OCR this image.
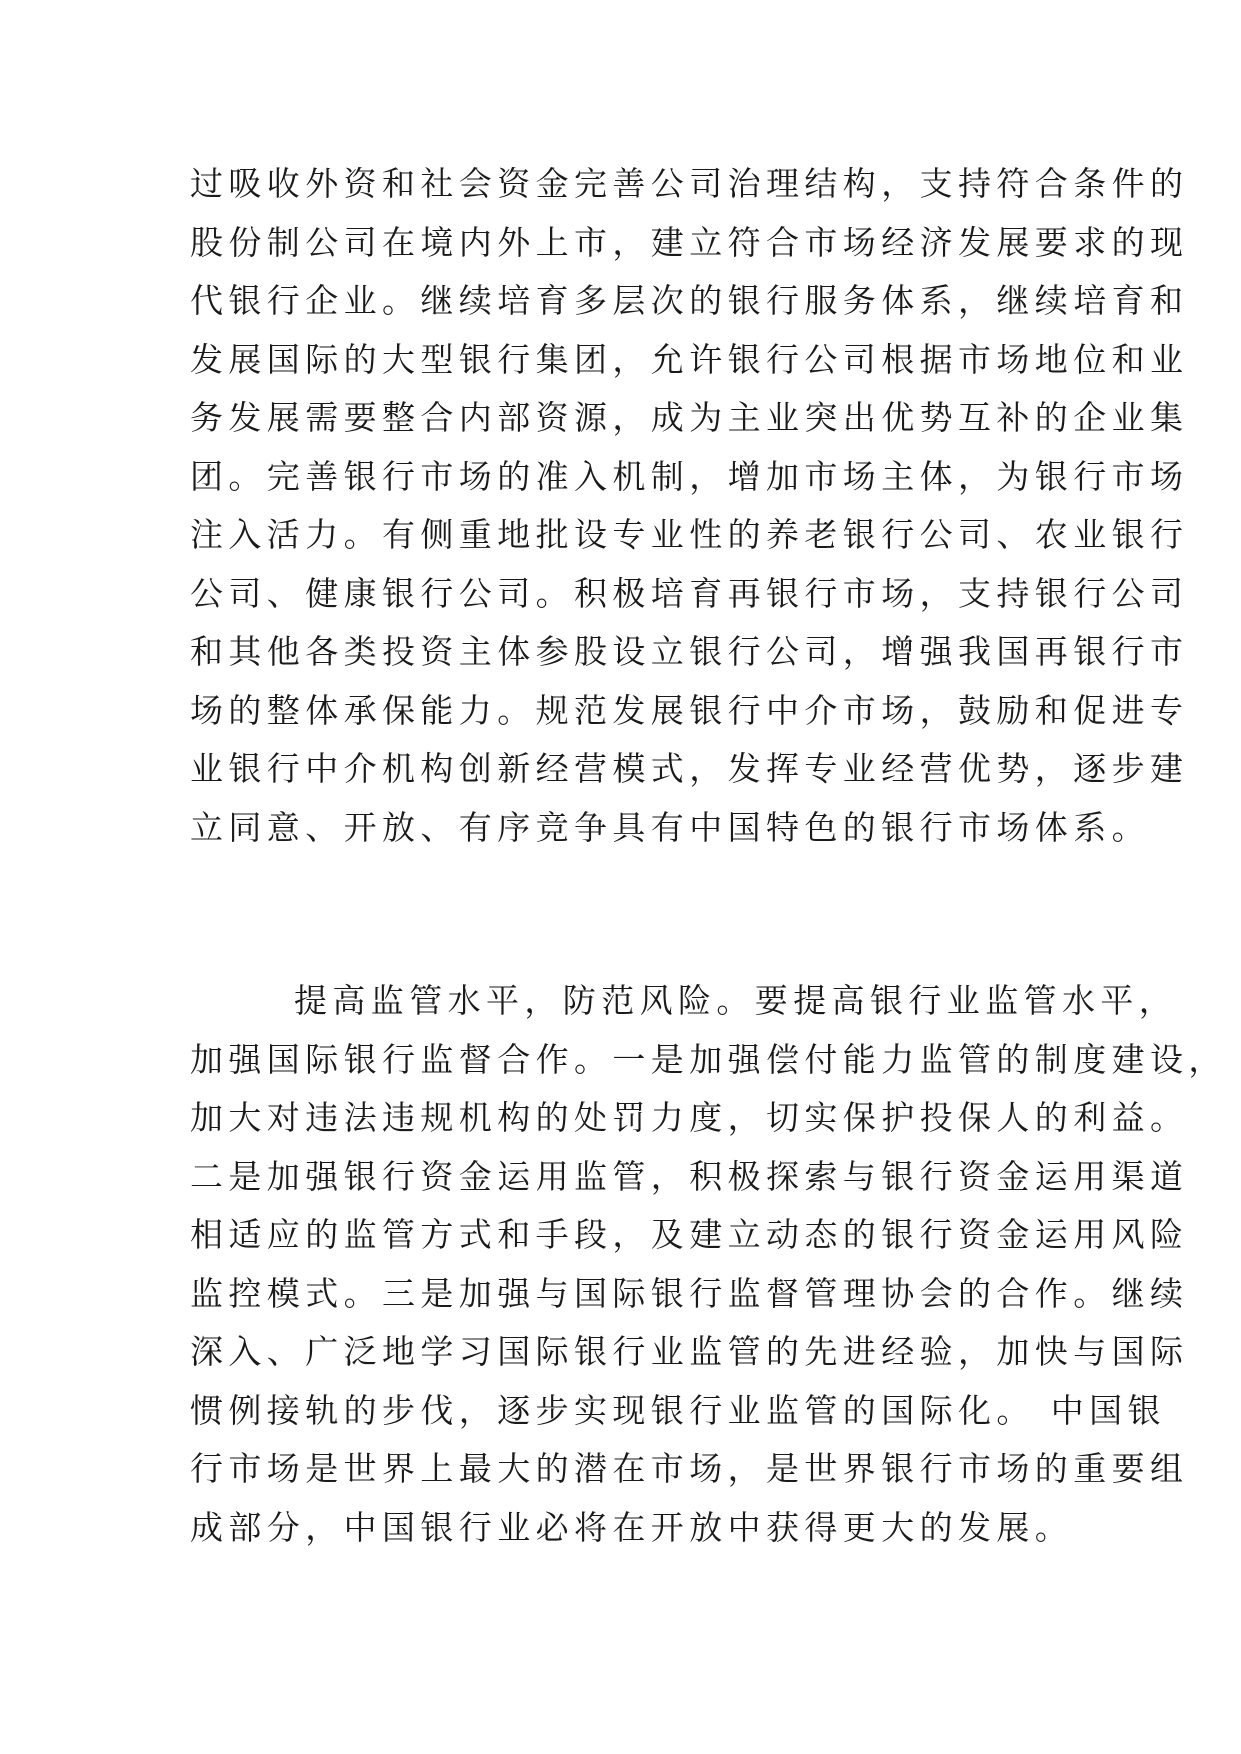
过吸收外资和社会资金完善公司治理结构，支持符合条件的
股份制公司在境内外上市，建立符合市场经济发展要求的现
代银行企业。继续培育多层次的银行服务体系，继续培育和
发展国际的大型银行集团，允许银行公司根据市场地位和业
务发展需要整合内部资源，成为主业突出优势互补的企业集
团。完善银行市场的准入机制，增加市场主体，为银行市场
注入活力。有侧重地批设专业性的养老银行公司、农业银行
公司、健康银行公司。积极培育再银行市场，支持银行公司
和其他各类投资主体参股设立银行公司，增强我国再银行市
场的整体承保能力。规范发展银行中介市场，鼓励和促进专
业银行中介机构创新经营模式，发挥专业经营优势，逐步建
立同意、开放、有序竞争具有中国特色的银行市场体系。
提高监管水平，防范风险。要提高银行业监管水平，
加强国际银行监督合作。一是加强偿付能力监管的制度建设，
加大对违法违规机构的处罚力度，切实保护投保人的利益。
二是加强银行资金运用监管，积极探索与银行资金运用渠道
相适应的监管方式和手段，及建立动态的银行资金运用风险
监控模式。三是加强与国际银行监督管理协会的合作。继续
深入、广泛地学习国际银行业监管的先进经验，加快与国际
惯例接轨的步伐，逐步实现银行业监管的国际化。 中国银
行市场是世界上最大的潜在市场，是世界银行市场的重要组
成部分，中国银行业必将在开放中获得更大的发展。
